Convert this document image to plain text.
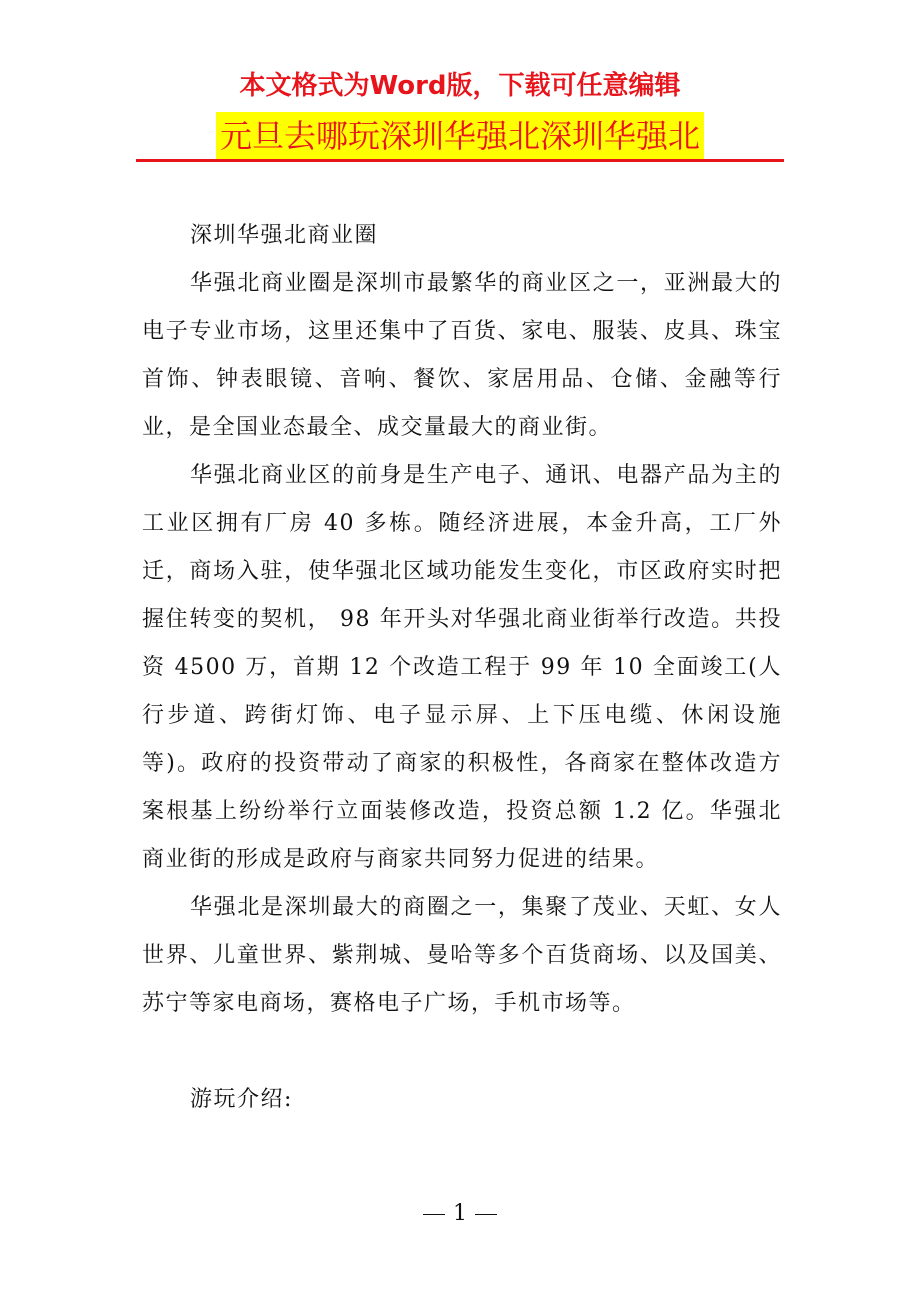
本文格式为Word版，下载可任意编辑
元旦去哪玩深圳华强北深圳华强北

深圳华强北商业圈

华强北商业圈是深圳市最繁华的商业区之一，亚洲最大的电子专业市场，这里还集中了百货、家电、服装、皮具、珠宝首饰、钟表眼镜、音响、餐饮、家居用品、仓储、金融等行业，是全国业态最全、成交量最大的商业街。

华强北商业区的前身是生产电子、通讯、电器产品为主的工业区拥有厂房 40 多栋。随经济进展，本金升高，工厂外迁，商场入驻，使华强北区域功能发生变化，市区政府实时把握住转变的契机， 98 年开头对华强北商业街举行改造。共投资 4500 万，首期 12 个改造工程于 99 年 10 全面竣工(人行步道、跨街灯饰、电子显示屏、上下压电缆、休闲设施等)。政府的投资带动了商家的积极性，各商家在整体改造方案根基上纷纷举行立面装修改造，投资总额 1.2 亿。华强北商业街的形成是政府与商家共同努力促进的结果。

华强北是深圳最大的商圈之一，集聚了茂业、天虹、女人世界、儿童世界、紫荆城、曼哈等多个百货商场、以及国美、苏宁等家电商场，赛格电子广场，手机市场等。

游玩介绍:

1
